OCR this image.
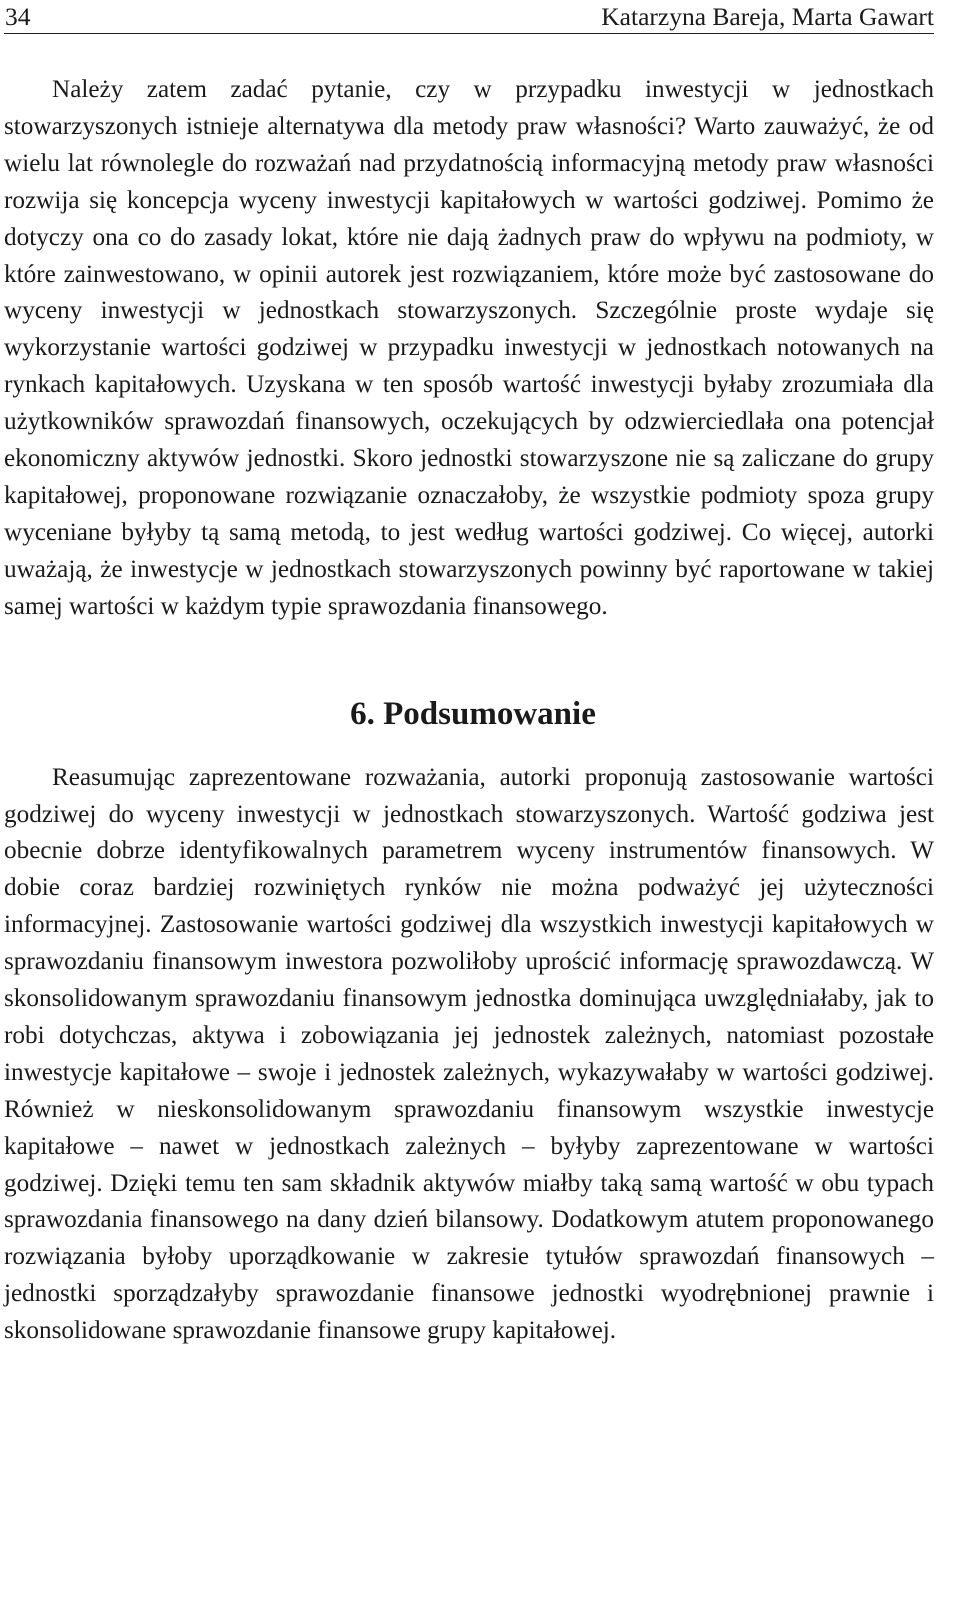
34	Katarzyna Bareja, Marta Gawart

Należy zatem zadać pytanie, czy w przypadku inwestycji w jednostkach stowarzyszonych istnieje alternatywa dla metody praw własności? Warto zauważyć, że od wielu lat równolegle do rozważań nad przydatnością informacyjną metody praw własności rozwija się koncepcja wyceny inwestycji kapitałowych w wartości godziwej. Pomimo że dotyczy ona co do zasady lokat, które nie dają żadnych praw do wpływu na podmioty, w które zainwestowano, w opinii autorek jest rozwiązaniem, które może być zastosowane do wyceny inwestycji w jednostkach stowarzyszonych. Szczególnie proste wydaje się wykorzystanie wartości godziwej w przypadku inwestycji w jednostkach notowanych na rynkach kapitałowych. Uzyskana w ten sposób wartość inwestycji byłaby zrozumiała dla użytkowników sprawozdań finansowych, oczekujących by odzwierciedlała ona potencjał ekonomiczny aktywów jednostki. Skoro jednostki stowarzyszone nie są zaliczane do grupy kapitałowej, proponowane rozwiązanie oznaczałoby, że wszystkie podmioty spoza grupy wyceniane byłyby tą samą metodą, to jest według wartości godziwej. Co więcej, autorki uważają, że inwestycje w jednostkach stowarzyszonych powinny być raportowane w takiej samej wartości w każdym typie sprawozdania finansowego.

6. Podsumowanie

Reasumując zaprezentowane rozważania, autorki proponują zastosowanie wartości godziwej do wyceny inwestycji w jednostkach stowarzyszonych. Wartość godziwa jest obecnie dobrze identyfikowalnych parametrem wyceny instrumentów finansowych. W dobie coraz bardziej rozwiniętych rynków nie można podważyć jej użyteczności informacyjnej. Zastosowanie wartości godziwej dla wszystkich inwestycji kapitałowych w sprawozdaniu finansowym inwestora pozwoliłoby uprościć informację sprawozdawczą. W skonsolidowanym sprawozdaniu finansowym jednostka dominująca uwzględniałaby, jak to robi dotychczas, aktywa i zobowiązania jej jednostek zależnych, natomiast pozostałe inwestycje kapitałowe – swoje i jednostek zależnych, wykazywałaby w wartości godziwej. Również w nieskonsolidowanym sprawozdaniu finansowym wszystkie inwestycje kapitałowe – nawet w jednostkach zależnych – byłyby zaprezentowane w wartości godziwej. Dzięki temu ten sam składnik aktywów miałby taką samą wartość w obu typach sprawozdania finansowego na dany dzień bilansowy. Dodatkowym atutem proponowanego rozwiązania byłoby uporządkowanie w zakresie tytułów sprawozdań finansowych – jednostki sporządzałyby sprawozdanie finansowe jednostki wyodrębnionej prawnie i skonsolidowane sprawozdanie finansowe grupy kapitałowej.
